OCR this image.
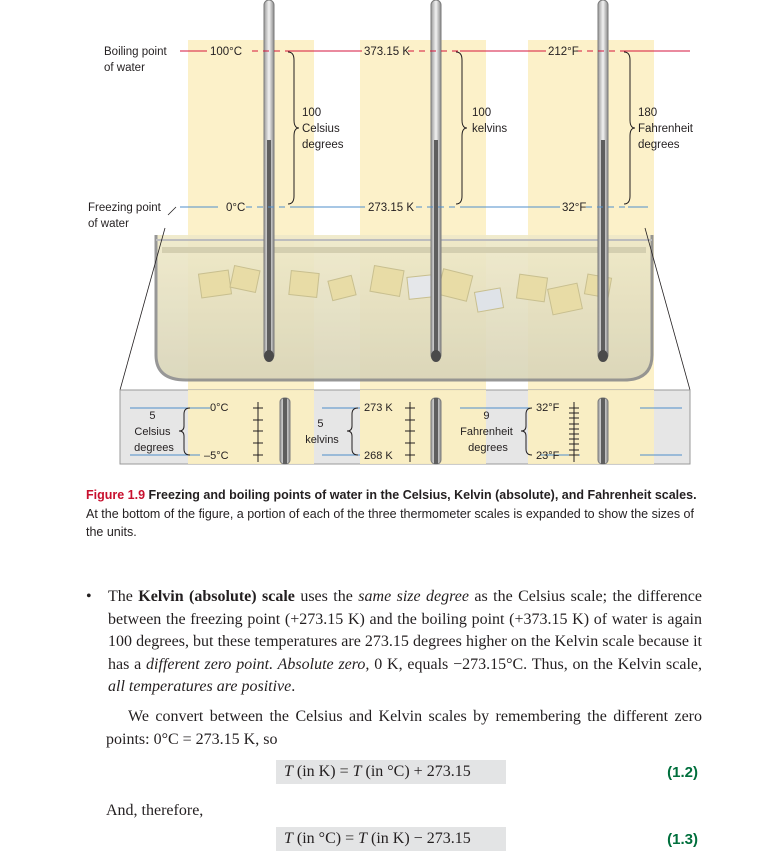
Boiling point of water
Freezing point of water
100°C	373.15 K	212°F
0°C	273.15 K	32°F
100 Celsius degrees
100 kelvins
180 Fahrenheit degrees
0°C
–5°C
273 K
268 K
32°F
23°F
5 Celsius degrees
5 kelvins
9 Fahrenheit degrees
Figure 1.9 Freezing and boiling points of water in the Celsius, Kelvin (absolute), and Fahrenheit scales. At the bottom of the figure, a portion of each of the three thermometer scales is expanded to show the sizes of the units.
• The Kelvin (absolute) scale uses the same size degree as the Celsius scale; the difference between the freezing point (+273.15 K) and the boiling point (+373.15 K) of water is again 100 degrees, but these temperatures are 273.15 degrees higher on the Kelvin scale because it has a different zero point. Absolute zero, 0 K, equals −273.15°C. Thus, on the Kelvin scale, all temperatures are positive.
We convert between the Celsius and Kelvin scales by remembering the different zero points: 0°C = 273.15 K, so
T (in K) = T (in °C) + 273.15	(1.2)
And, therefore,
T (in °C) = T (in K) − 273.15	(1.3)
